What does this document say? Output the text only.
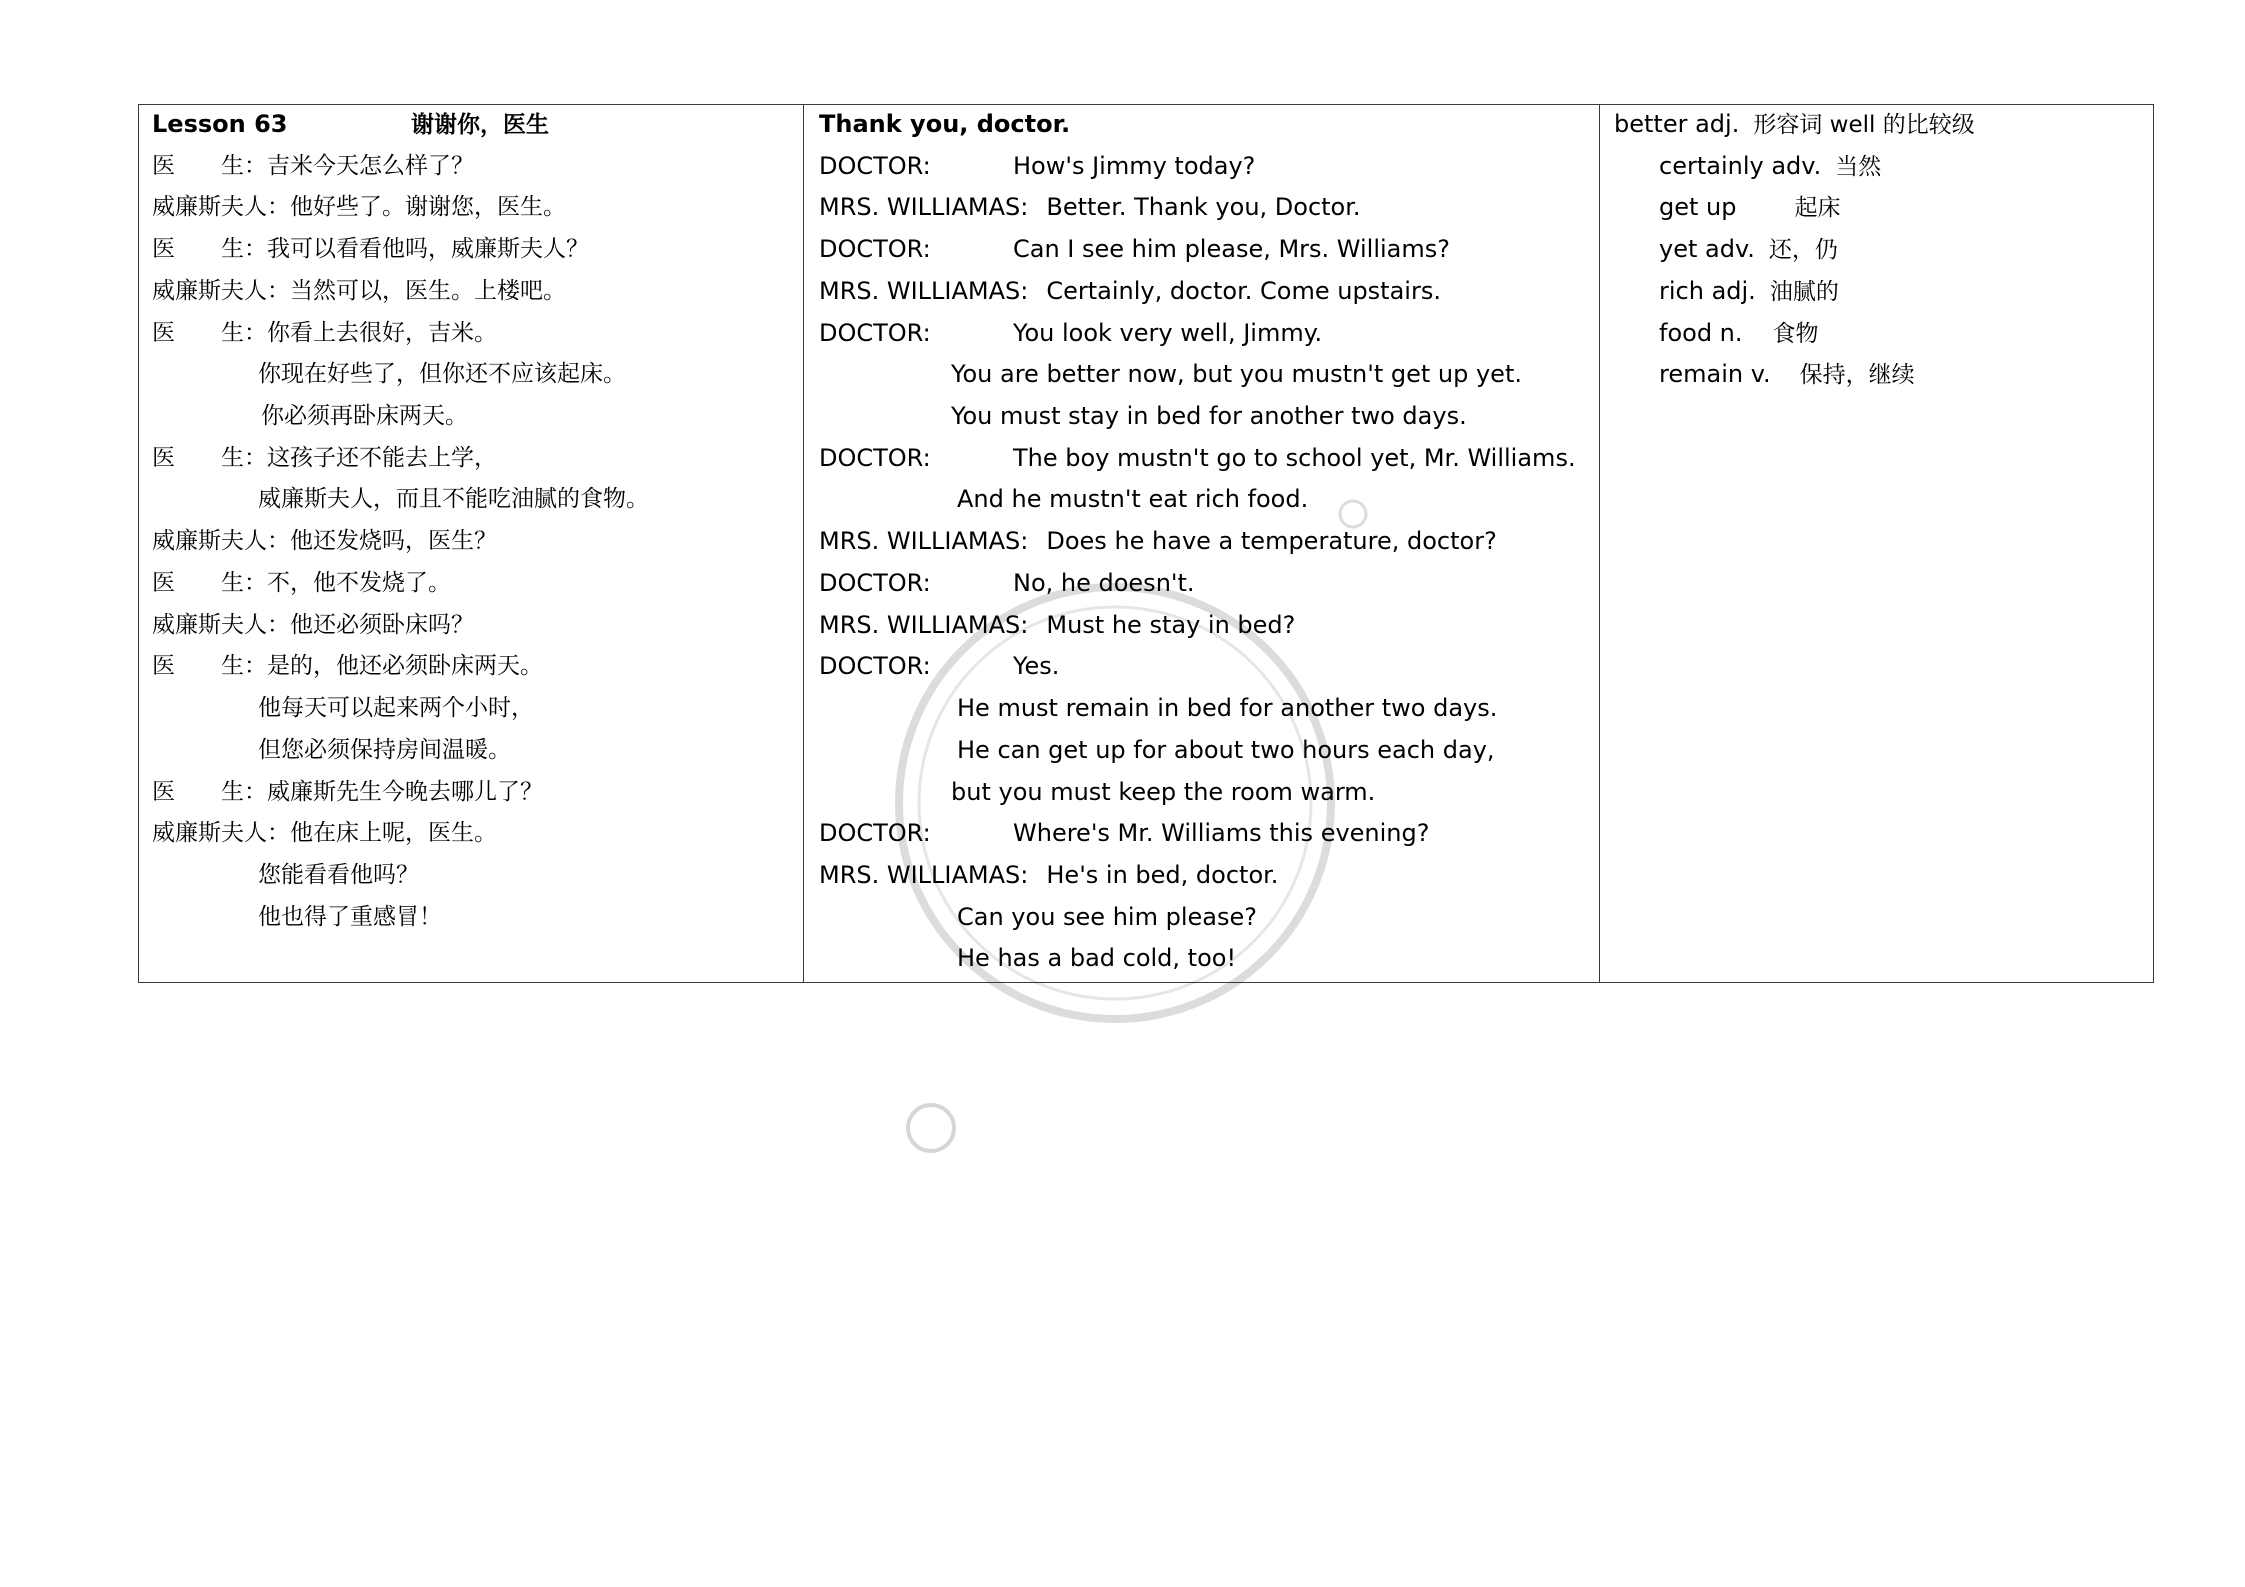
Lesson 63	谢谢你，医生
医　　生：吉米今天怎么样了？
威廉斯夫人：他好些了。谢谢您，医生。
医　　生：我可以看看他吗，威廉斯夫人？
威廉斯夫人：当然可以，医生。上楼吧。
医　　生：你看上去很好，吉米。
你现在好些了，但你还不应该起床。
你必须再卧床两天。
医　　生：这孩子还不能去上学，
威廉斯夫人，而且不能吃油腻的食物。
威廉斯夫人：他还发烧吗，医生？
医　　生：不，他不发烧了。
威廉斯夫人：他还必须卧床吗？
医　　生：是的，他还必须卧床两天。
他每天可以起来两个小时，
但您必须保持房间温暖。
医　　生：威廉斯先生今晚去哪儿了？
威廉斯夫人：他在床上呢，医生。
您能看看他吗？
他也得了重感冒！
Thank you, doctor.
DOCTOR:	How's Jimmy today?
MRS. WILLIAMAS: Better. Thank you, Doctor.
DOCTOR:	Can I see him please, Mrs. Williams?
MRS. WILLIAMAS: Certainly, doctor. Come upstairs.
DOCTOR:	You look very well, Jimmy.
You are better now, but you mustn't get up yet.
You must stay in bed for another two days.
DOCTOR:	The boy mustn't go to school yet, Mr. Williams.
And he mustn't eat rich food.
MRS. WILLIAMAS: Does he have a temperature, doctor?
DOCTOR:	No, he doesn't.
MRS. WILLIAMAS: Must he stay in bed?
DOCTOR:	Yes.
He must remain in bed for another two days.
He can get up for about two hours each day,
but you must keep the room warm.
DOCTOR:	Where's Mr. Williams this evening?
MRS. WILLIAMAS: He's in bed, doctor.
Can you see him please?
He has a bad cold, too!
better adj. 形容词 well 的比较级
certainly adv. 当然
get up	起床
yet adv. 还，仍
rich adj. 油腻的
food n. 食物
remain v. 保持，继续
